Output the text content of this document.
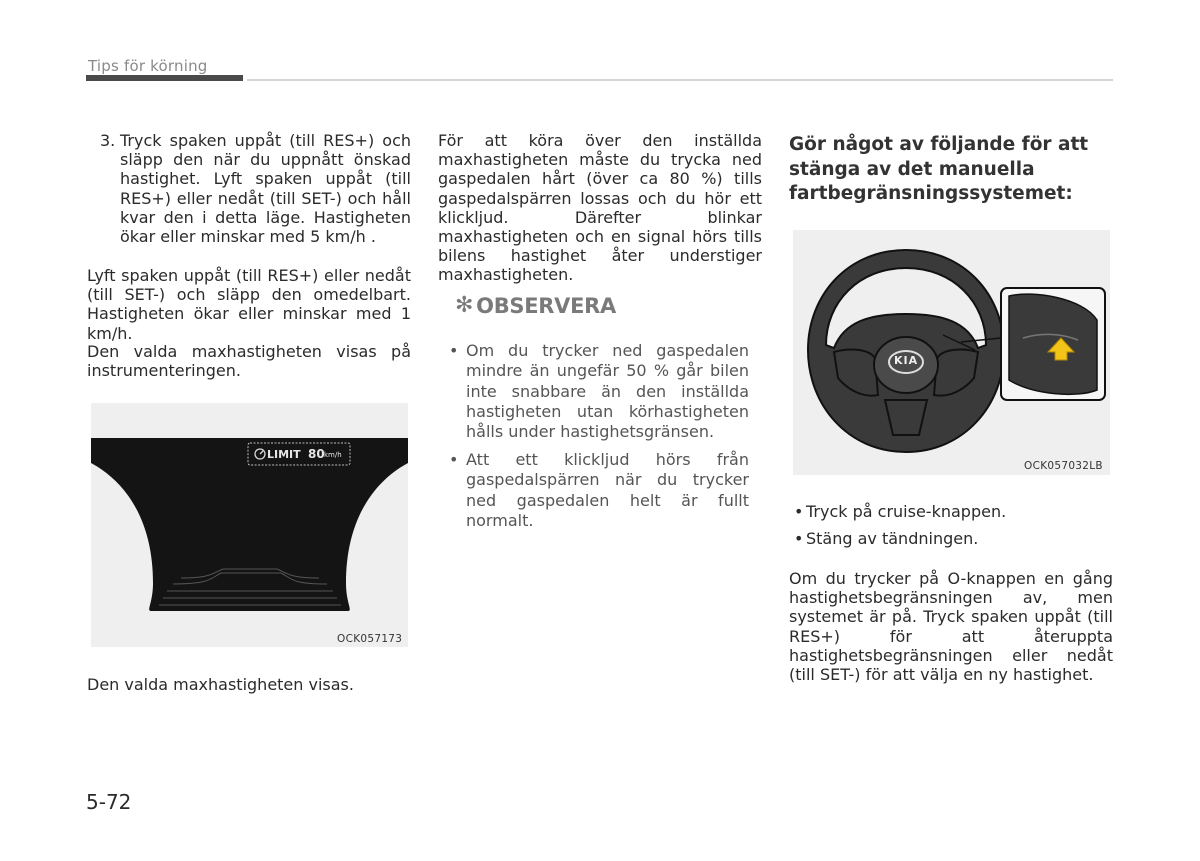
Tips för körning
3. Tryck spaken uppåt (till RES+) och släpp den när du uppnått önskad hastighet. Lyft spaken uppåt (till RES+) eller nedåt (till SET-) och håll kvar den i detta läge. Hastigheten ökar eller minskar med 5 km/h .

Lyft spaken uppåt (till RES+) eller nedåt (till SET-) och släpp den omedelbart. Hastigheten ökar eller minskar med 1 km/h.

Den valda maxhastigheten visas på instrumenteringen.

LIMIT 80 km/h
OCK057173

Den valda maxhastigheten visas.

För att köra över den inställda maxhastigheten måste du trycka ned gaspedalen hårt (över ca 80 %) tills gaspedalspärren lossas och du hör ett klickljud. Därefter blinkar maxhastigheten och en signal hörs tills bilens hastighet åter understiger maxhastigheten.

✻ OBSERVERA
• Om du trycker ned gaspedalen mindre än ungefär 50 % går bilen inte snabbare än den inställda hastigheten utan körhastigheten hålls under hastighetsgränsen.
• Att ett klickljud hörs från gaspedalspärren när du trycker ned gaspedalen helt är fullt normalt.
Gör något av följande för att stänga av det manuella fartbegränsningssystemet:
KIA
OCK057032LB
• Tryck på cruise-knappen.
• Stäng av tändningen.

Om du trycker på O-knappen en gång hastighetsbegränsningen av, men systemet är på. Tryck spaken uppåt (till RES+) för att återuppta hastighetsbegränsningen eller nedåt (till SET-) för att välja en ny hastighet.

5-72
